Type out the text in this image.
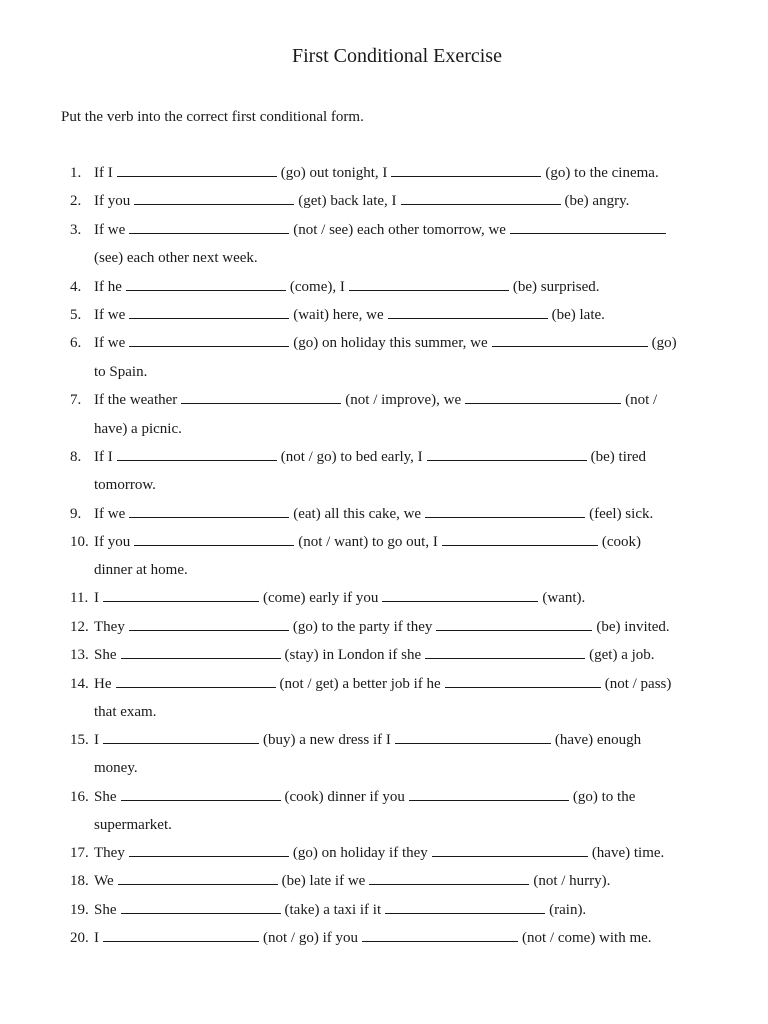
First Conditional Exercise
Put the verb into the correct first conditional form.
1. If I	(go) out tonight, I	(go) to the cinema.
2. If you	(get) back late, I	(be) angry.
3. If we	(not / see) each other tomorrow, we
(see) each other next week.
4. If he	(come), I	(be) surprised.
5. If we	(wait) here, we	(be) late.
6. If we	(go) on holiday this summer, we	(go)
to Spain.
7. If the weather	(not / improve), we	(not /
have) a picnic.
8. If I	(not / go) to bed early, I	(be) tired
tomorrow.
9. If we	(eat) all this cake, we	(feel) sick.
10. If you	(not / want) to go out, I	(cook)
dinner at home.
11. I	(come) early if you	(want).
12. They	(go) to the party if they	(be) invited.
13. She	(stay) in London if she	(get) a job.
14. He	(not / get) a better job if he	(not / pass)
that exam.
15. I	(buy) a new dress if I	(have) enough
money.
16. She	(cook) dinner if you	(go) to the
supermarket.
17. They	(go) on holiday if they	(have) time.
18. We	(be) late if we	(not / hurry).
19. She	(take) a taxi if it	(rain).
20. I	(not / go) if you	(not / come) with me.
